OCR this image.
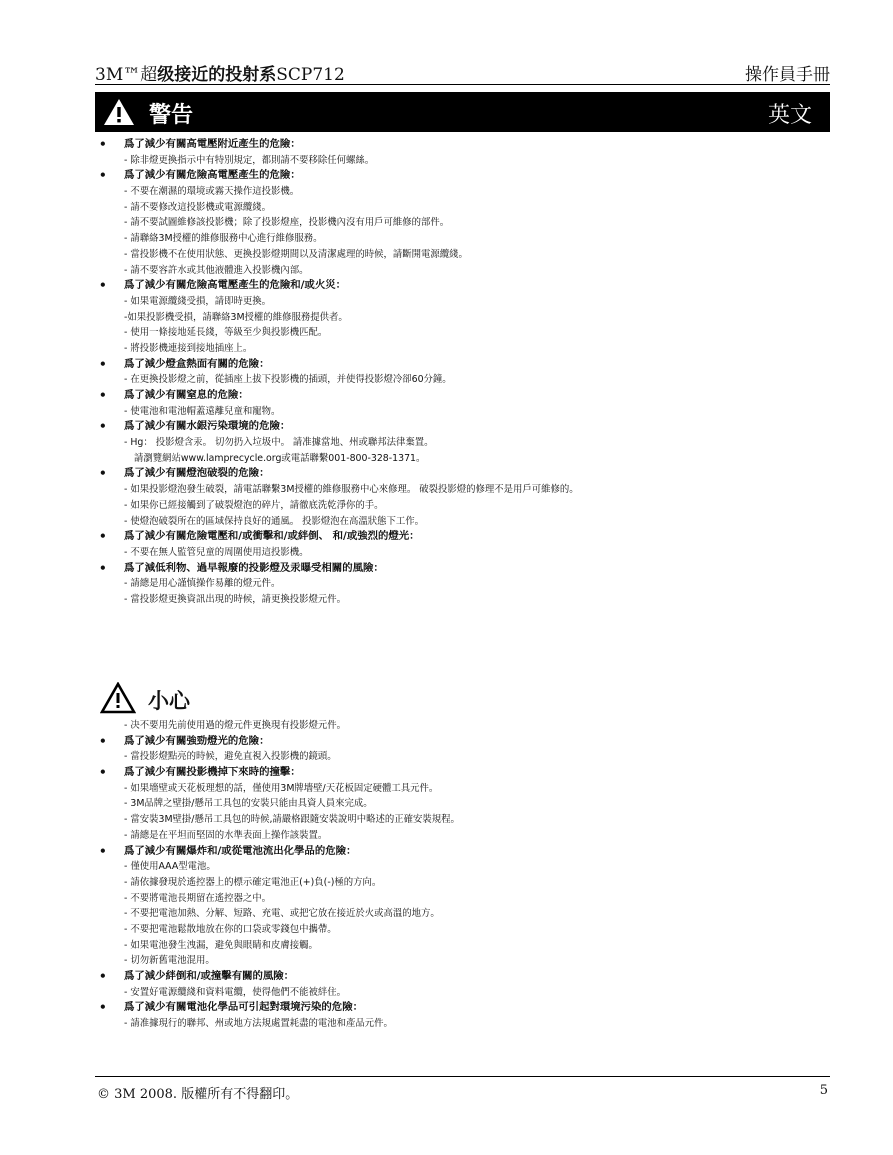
3M™超级接近的投射系SCP712	操作員手冊
警告	英文
• 爲了減少有關高電壓附近產生的危險：
- 除非燈更換指示中有特別規定，都則請不要移除任何螺絲。
• 爲了減少有關危險高電壓產生的危險：
- 不要在潮濕的環境或霧天操作這投影機。
- 請不要修改這投影機或電源纜綫。
- 請不要試圖維修該投影機；除了投影燈座，投影機內沒有用戶可維修的部件。
- 請聯絡3M授權的維修服務中心進行維修服務。
- 當投影機不在使用狀態、更換投影燈期間以及清潔處理的時候，請斷開電源纜綫。
- 請不要容許水或其他液體進入投影機內部。
• 爲了減少有關危險高電壓產生的危險和/或火災：
- 如果電源纜綫受損，請即時更換。
-如果投影機受損，請聯絡3M授權的維修服務提供者。
- 使用一條接地延長綫，等級至少與投影機匹配。
- 將投影機連接到接地插座上。
• 爲了減少燈盒熱面有關的危險：
- 在更換投影燈之前，從插座上拔下投影機的插頭，并使得投影燈冷卻60分鐘。
• 爲了減少有關窒息的危險：
- 使電池和電池帽蓋遠離兒童和寵物。
• 爲了減少有關水銀污染環境的危險：
- Hg： 投影燈含汞。 切勿扔入垃圾中。 請准據當地、州或聯邦法律棄置。
請瀏覽網站www.lamprecycle.org或電話聯繫001-800-328-1371。
• 爲了減少有關燈泡破裂的危險：
- 如果投影燈泡發生破裂，請電話聯繫3M授權的維修服務中心來修理。 破裂投影燈的修理不是用戶可維修的。
- 如果你已經接觸到了破裂燈泡的碎片，請徹底洗乾淨你的手。
- 使燈泡破裂所在的區域保持良好的通風。 投影燈泡在高溫狀態下工作。
• 爲了減少有關危險電壓和/或衝擊和/或絆倒、 和/或強烈的燈光：
- 不要在無人監管兒童的周圍使用這投影機。
• 爲了減低利物、過早報廢的投影燈及汞曝受相關的風險：
- 請總是用心謹慎操作易離的燈元件。
- 當投影燈更換資訊出現的時候，請更換投影燈元件。
小心
- 决不要用先前使用過的燈元件更換現有投影燈元件。
• 爲了減少有關強勁燈光的危險：
- 當投影燈點亮的時候，避免直視入投影機的鏡頭。
• 爲了減少有關投影機掉下來時的撞擊：
- 如果墻壁或天花板理想的話，僅使用3M牌墻壁/天花板固定硬體工具元件。
- 3M品牌之壁掛/懸吊工具包的安裝只能由具資人員來完成。
- 當安裝3M壁掛/懸吊工具包的時候,請嚴格跟隨安裝說明中略述的正確安裝規程。
- 請總是在平坦而堅固的水準表面上操作該裝置。
• 爲了減少有關爆炸和/或從電池流出化學品的危險：
- 僅使用AAA型電池。
- 請依據發現於遙控器上的標示確定電池正(+)負(-)極的方向。
- 不要將電池長期留在遙控器之中。
- 不要把電池加熱、分解、短路、充電、或把它放在接近於火或高溫的地方。
- 不要把電池鬆散地放在你的口袋或零錢包中攜帶。
- 如果電池發生洩漏，避免與眼睛和皮膚接觸。
- 切勿新舊電池混用。
• 爲了減少絆倒和/或撞擊有關的風險：
- 安置好電源纜綫和資料電纜，使得他們不能被絆住。
• 爲了減少有關電池化學品可引起對環境污染的危險：
- 請准據現行的聯邦、州或地方法規處置耗盡的電池和產品元件。
© 3M 2008. 版權所有不得翻印。	5
